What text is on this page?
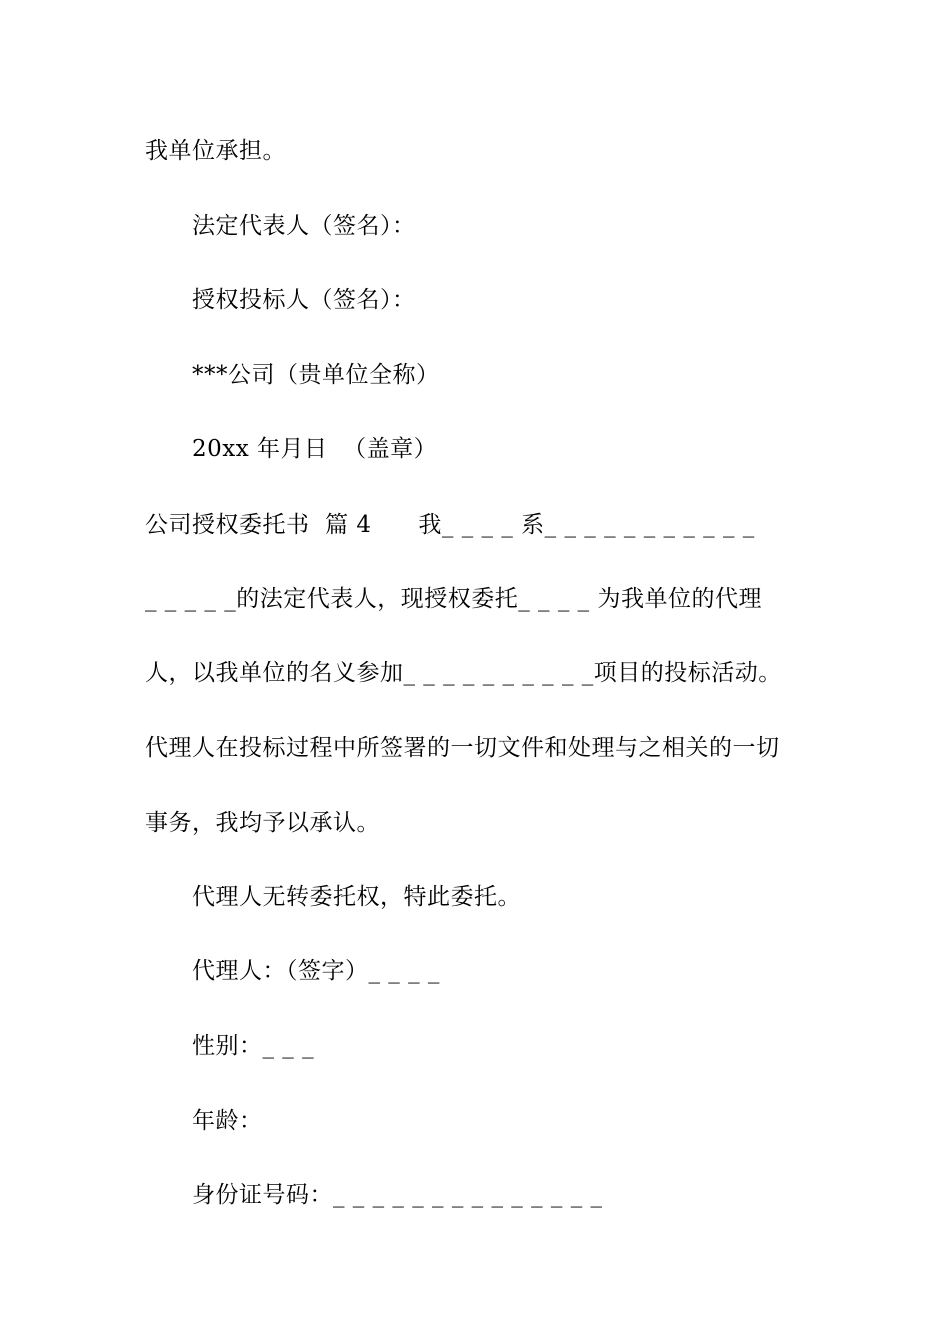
我单位承担。
法定代表人（签名）：
授权投标人（签名）：
***公司（贵单位全称）
20xx 年月日  （盖章）
公司授权委托书  篇 4      我_ _ _ _ 系_ _ _ _ _ _ _ _ _ _ _
_ _ _ _ _的法定代表人，现授权委托_ _ _ _ 为我单位的代理
人，以我单位的名义参加_ _ _ _ _ _ _ _ _ _项目的投标活动。
代理人在投标过程中所签署的一切文件和处理与之相关的一切
事务，我均予以承认。
代理人无转委托权，特此委托。
代理人：（签字）_ _ _ _
性别：_ _ _
年龄：
身份证号码：_ _ _ _ _ _ _ _ _ _ _ _ _ _
